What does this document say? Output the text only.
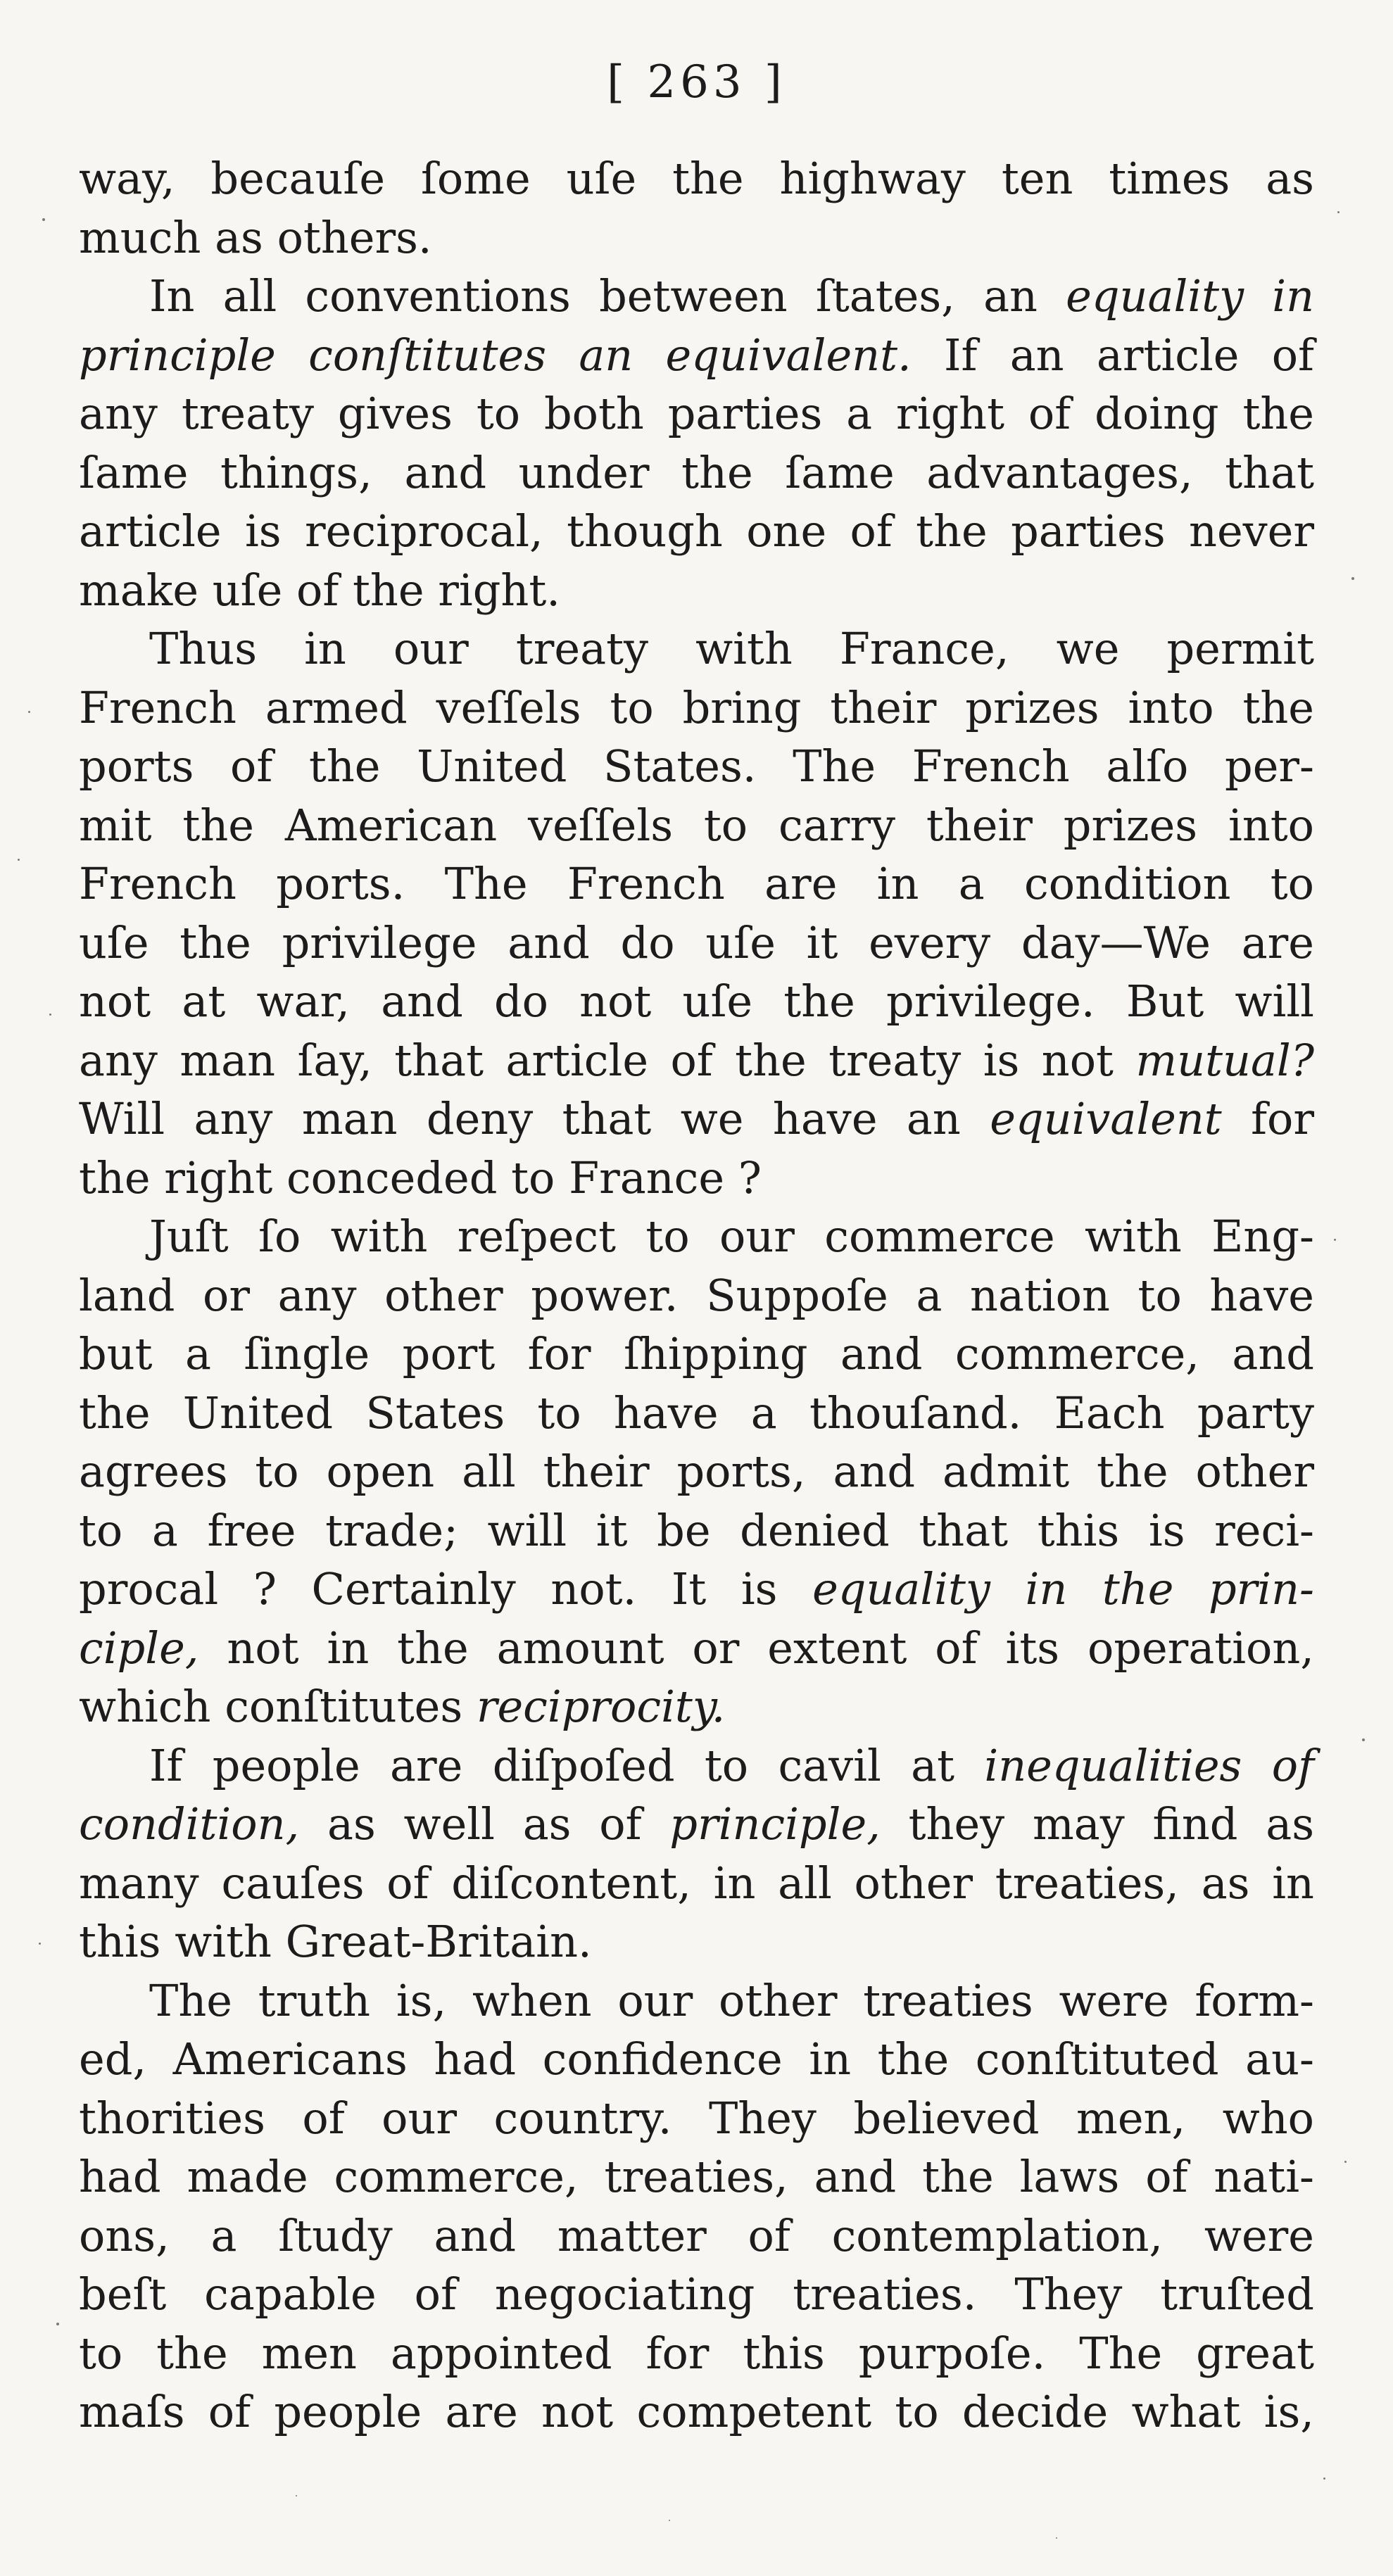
[ 263 ]
way, becauſe ſome uſe the highway ten times as
much as others.
In all conventions between ſtates, an equality in
principle conſtitutes an equivalent. If an article of
any treaty gives to both parties a right of doing the
ſame things, and under the ſame advantages, that
article is reciprocal, though one of the parties never
make uſe of the right.
Thus in our treaty with France, we permit
French armed veſſels to bring their prizes into the
ports of the United States. The French alſo per-
mit the American veſſels to carry their prizes into
French ports. The French are in a condition to
uſe the privilege and do uſe it every day—We are
not at war, and do not uſe the privilege. But will
any man ſay, that article of the treaty is not mutual?
Will any man deny that we have an equivalent for
the right conceded to France ?
Juſt ſo with reſpect to our commerce with Eng-
land or any other power. Suppoſe a nation to have
but a ſingle port for ſhipping and commerce, and
the United States to have a thouſand. Each party
agrees to open all their ports, and admit the other
to a free trade; will it be denied that this is reci-
procal ? Certainly not. It is equality in the prin-
ciple, not in the amount or extent of its operation,
which conſtitutes reciprocity.
If people are diſpoſed to cavil at inequalities of
condition, as well as of principle, they may find as
many cauſes of diſcontent, in all other treaties, as in
this with Great-Britain.
The truth is, when our other treaties were form-
ed, Americans had confidence in the conſtituted au-
thorities of our country. They believed men, who
had made commerce, treaties, and the laws of nati-
ons, a ſtudy and matter of contemplation, were
beſt capable of negociating treaties. They truſted
to the men appointed for this purpoſe. The great
maſs of people are not competent to decide what is,
